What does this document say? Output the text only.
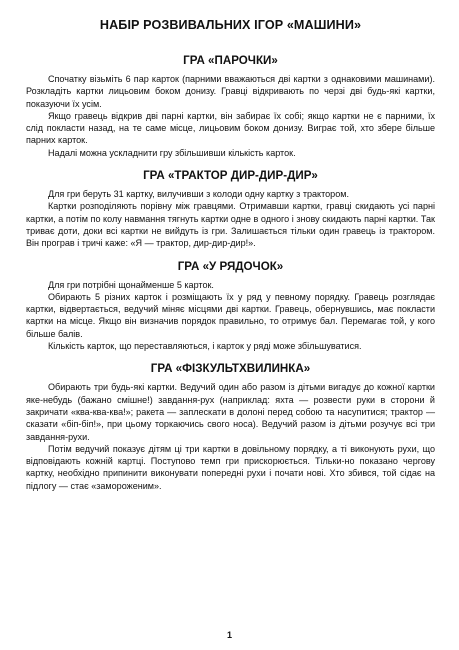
НАБІР РОЗВИВАЛЬНИХ ІГОР «МАШИНИ»
ГРА «ПАРОЧКИ»

Спочатку візьміть 6 пар карток (парними вважаються дві картки з однаковими машинами). Розкладіть картки лицьовим боком донизу. Гравці відкривають по черзі дві будь-які картки, показуючи їх усім.

Якщо гравець відкрив дві парні картки, він забирає їх собі; якщо картки не є парними, їх слід покласти назад, на те саме місце, лицьовим боком донизу. Виграє той, хто збере більше парних карток.

Надалі можна ускладнити гру збільшивши кількість карток.

ГРА «ТРАКТОР ДИР-ДИР-ДИР»

Для гри беруть 31 картку, вилучивши з колоди одну картку з трактором.

Картки розподіляють порівну між гравцями. Отримавши картки, гравці скидають усі парні картки, а потім по колу навмання тягнуть картки одне в одного і знову скидають парні картки. Так триває доти, доки всі картки не вийдуть із гри. Залишається тільки один гравець із трактором. Він програв і тричі каже: «Я — трактор, дир-дир-дир!».

ГРА «У РЯДОЧОК»

Для гри потрібні щонайменше 5 карток.

Обирають 5 різних карток і розміщають їх у ряд у певному порядку. Гравець розглядає картки, відвертається, ведучий міняє місцями дві картки. Гравець, обернувшись, має покласти картки на місце. Якщо він визначив порядок правильно, то отримує бал. Перемагає той, у кого більше балів.

Кількість карток, що переставляються, і карток у ряді може збільшуватися.

ГРА «ФІЗКУЛЬТХВИЛИНКА»

Обирають три будь-які картки. Ведучий один або разом із дітьми вигадує до кожної картки яке-небудь (бажано смішне!) завдання-рух (наприклад: яхта — розвести руки в сторони й закричати «ква-ква-ква!»; ракета — заплескати в долоні перед собою та насупитися; трактор — сказати «біп-біп!», при цьому торкаючись свого носа). Ведучий разом із дітьми розучує всі три завдання-рухи.

Потім ведучий показує дітям ці три картки в довільному порядку, а ті виконують рухи, що відповідають кожній картці. Поступово темп гри прискорюється. Тільки-но показано чергову картку, необхідно припинити виконувати попередні рухи і почати нові. Хто збився, той сідає на підлогу — стає «замороженим».

1
